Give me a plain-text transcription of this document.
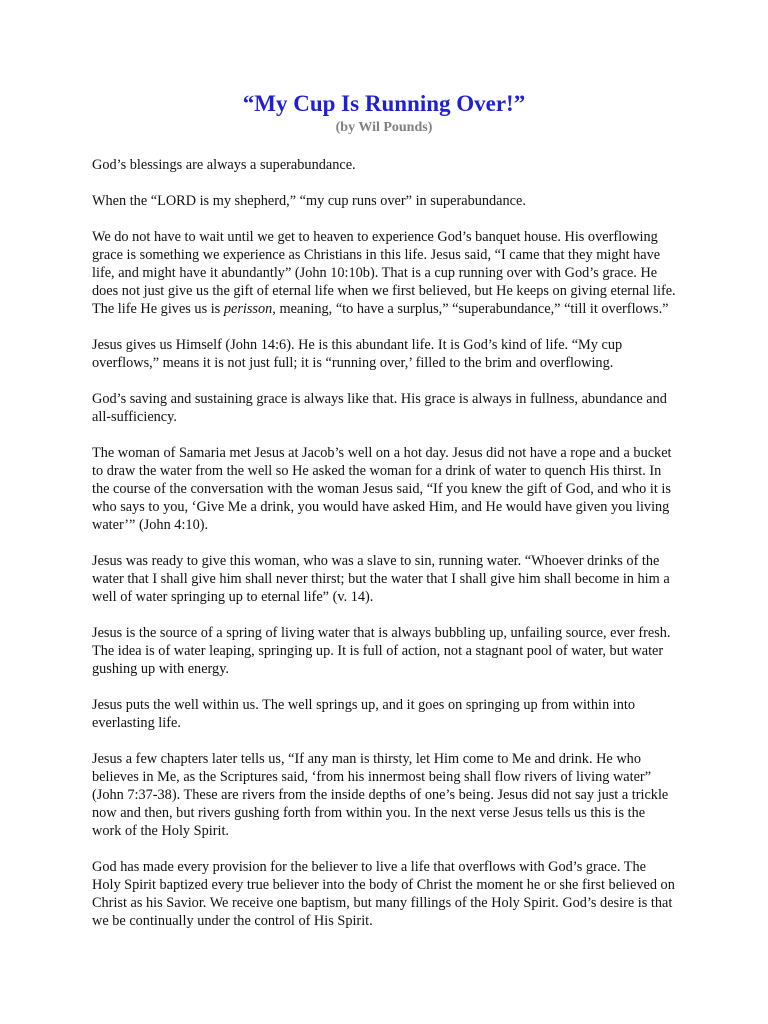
“My Cup Is Running Over!”
(by Wil Pounds)

God’s blessings are always a superabundance.

When the “LORD is my shepherd,” “my cup runs over” in superabundance.

We do not have to wait until we get to heaven to experience God’s banquet house. His overflowing grace is something we experience as Christians in this life. Jesus said, “I came that they might have life, and might have it abundantly” (John 10:10b). That is a cup running over with God’s grace. He does not just give us the gift of eternal life when we first believed, but He keeps on giving eternal life. The life He gives us is perisson, meaning, “to have a surplus,” “superabundance,” “till it overflows.”

Jesus gives us Himself (John 14:6). He is this abundant life. It is God’s kind of life. “My cup overflows,” means it is not just full; it is “running over,’ filled to the brim and overflowing.

God’s saving and sustaining grace is always like that. His grace is always in fullness, abundance and all-sufficiency.

The woman of Samaria met Jesus at Jacob’s well on a hot day. Jesus did not have a rope and a bucket to draw the water from the well so He asked the woman for a drink of water to quench His thirst. In the course of the conversation with the woman Jesus said, “If you knew the gift of God, and who it is who says to you, ‘Give Me a drink, you would have asked Him, and He would have given you living water’” (John 4:10).

Jesus was ready to give this woman, who was a slave to sin, running water. “Whoever drinks of the water that I shall give him shall never thirst; but the water that I shall give him shall become in him a well of water springing up to eternal life” (v. 14).

Jesus is the source of a spring of living water that is always bubbling up, unfailing source, ever fresh. The idea is of water leaping, springing up. It is full of action, not a stagnant pool of water, but water gushing up with energy.

Jesus puts the well within us. The well springs up, and it goes on springing up from within into everlasting life.

Jesus a few chapters later tells us, “If any man is thirsty, let Him come to Me and drink. He who believes in Me, as the Scriptures said, ‘from his innermost being shall flow rivers of living water” (John 7:37-38). These are rivers from the inside depths of one’s being. Jesus did not say just a trickle now and then, but rivers gushing forth from within you. In the next verse Jesus tells us this is the work of the Holy Spirit.

God has made every provision for the believer to live a life that overflows with God’s grace. The Holy Spirit baptized every true believer into the body of Christ the moment he or she first believed on Christ as his Savior. We receive one baptism, but many fillings of the Holy Spirit. God’s desire is that we be continually under the control of His Spirit.
